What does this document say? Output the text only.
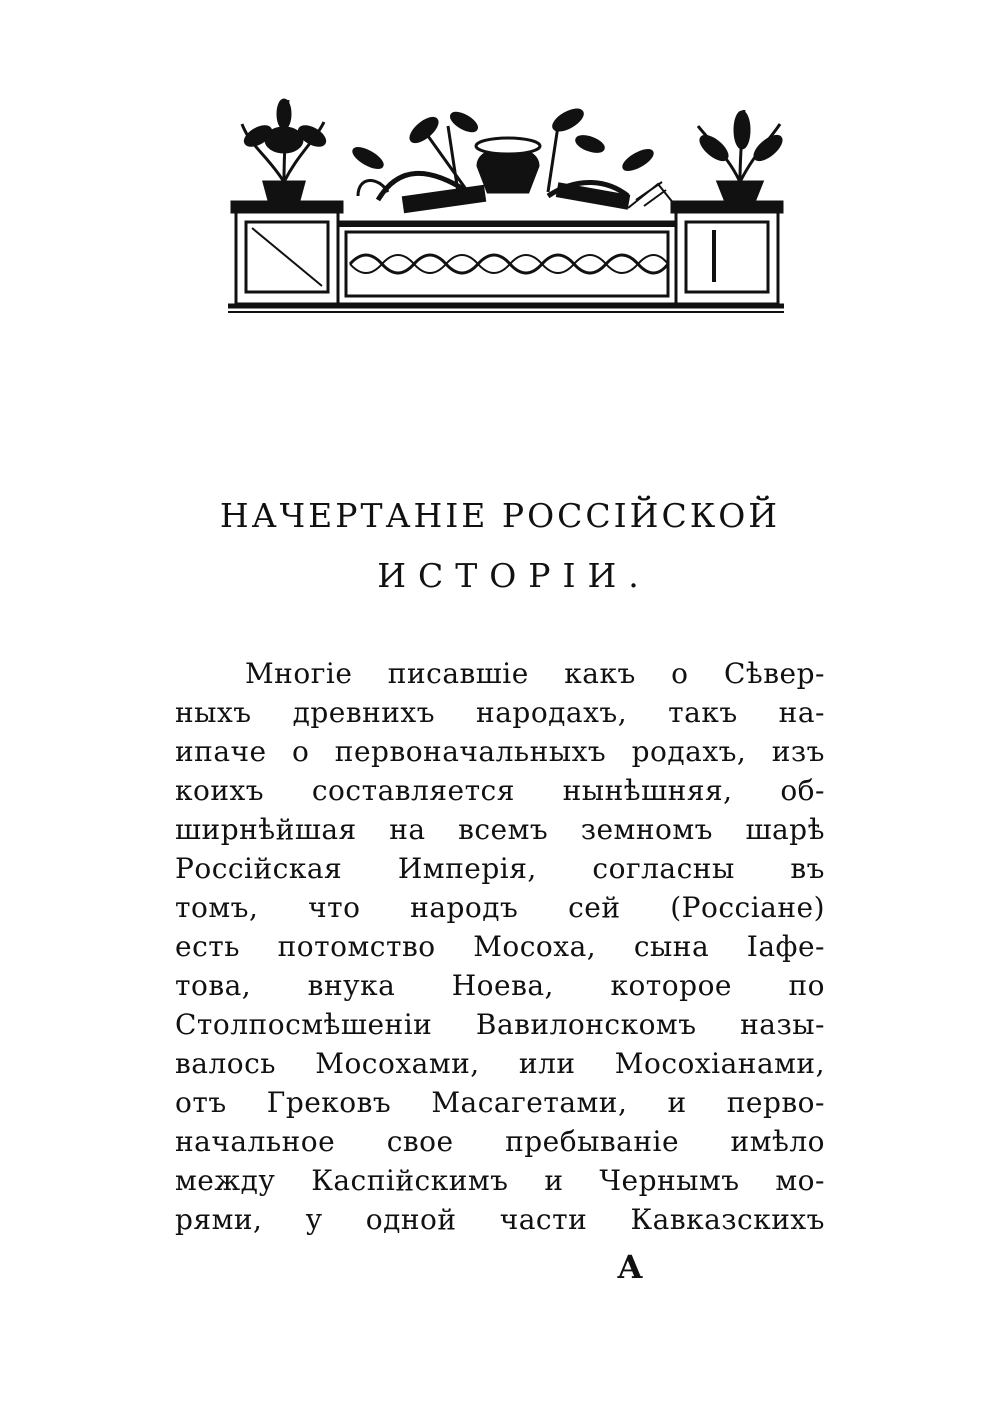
НАЧЕРТАНІЕ РОССІЙСКОЙ
ИСТОРІИ.
Многіе писавшіе какъ о Сѣвер-
ныхъ древнихъ народахъ, такъ на-
ипаче о первоначальныхъ родахъ, изъ
коихъ составляется нынѣшняя, об-
ширнѣйшая на всемъ земномъ шарѣ
Россійская Имперія, согласны въ
томъ, что народъ сей (Россіане)
есть потомство Мосоха, сына Іафе-
това, внука Ноева, которое по
Столпосмѣшеніи Вавилонскомъ назы-
валось Мосохами, или Мосохіанами,
отъ Грековъ Масагетами, и перво-
начальное свое пребываніе имѣло
между Каспійскимъ и Чернымъ мо-
рями, у одной части Кавказскихъ
А
